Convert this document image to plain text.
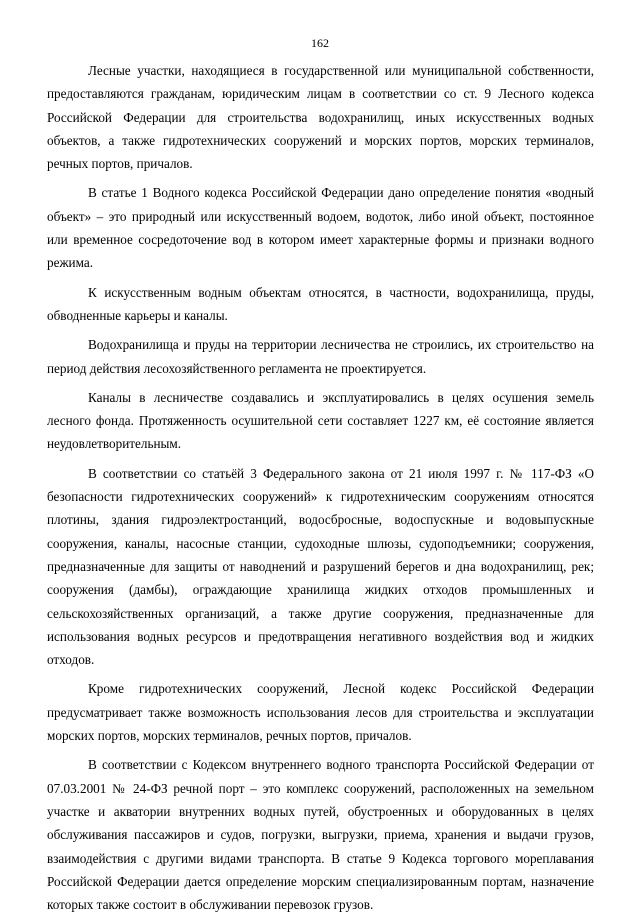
162

Лесные участки, находящиеся в государственной или муниципальной собственности, предоставляются гражданам, юридическим лицам в соответствии со ст. 9 Лесного кодекса Российской Федерации для строительства водохранилищ, иных искусственных водных объектов, а также гидротехнических сооружений и морских портов, морских терминалов, речных портов, причалов.

В статье 1 Водного кодекса Российской Федерации дано определение понятия «водный объект» – это природный или искусственный водоем, водоток, либо иной объект, постоянное или временное сосредоточение вод в котором имеет характерные формы и признаки водного режима.

К искусственным водным объектам относятся, в частности, водохранилища, пруды, обводненные карьеры и каналы.

Водохранилища и пруды на территории лесничества не строились, их строительство на период действия лесохозяйственного регламента не проектируется.

Каналы в лесничестве создавались и эксплуатировались в целях осушения земель лесного фонда. Протяженность осушительной сети составляет 1227 км, её состояние является неудовлетворительным.

В соответствии со статьёй 3 Федерального закона от 21 июля 1997 г. № 117-ФЗ «О безопасности гидротехнических сооружений» к гидротехническим сооружениям относятся плотины, здания гидроэлектростанций, водосбросные, водоспускные и водовыпускные сооружения, каналы, насосные станции, судоходные шлюзы, судоподъемники; сооружения, предназначенные для защиты от наводнений и разрушений берегов и дна водохранилищ, рек; сооружения (дамбы), ограждающие хранилища жидких отходов промышленных и сельскохозяйственных организаций, а также другие сооружения, предназначенные для использования водных ресурсов и предотвращения негативного воздействия вод и жидких отходов.

Кроме гидротехнических сооружений, Лесной кодекс Российской Федерации предусматривает также возможность использования лесов для строительства и эксплуатации морских портов, морских терминалов, речных портов, причалов.

В соответствии с Кодексом внутреннего водного транспорта Российской Федерации от 07.03.2001 № 24-ФЗ речной порт – это комплекс сооружений, расположенных на земельном участке и акватории внутренних водных путей, обустроенных и оборудованных в целях обслуживания пассажиров и судов, погрузки, выгрузки, приема, хранения и выдачи грузов, взаимодействия с другими видами транспорта. В статье 9 Кодекса торгового мореплавания Российской Федерации дается определение морским специализированным портам, назначение которых также состоит в обслуживании перевозок грузов.
